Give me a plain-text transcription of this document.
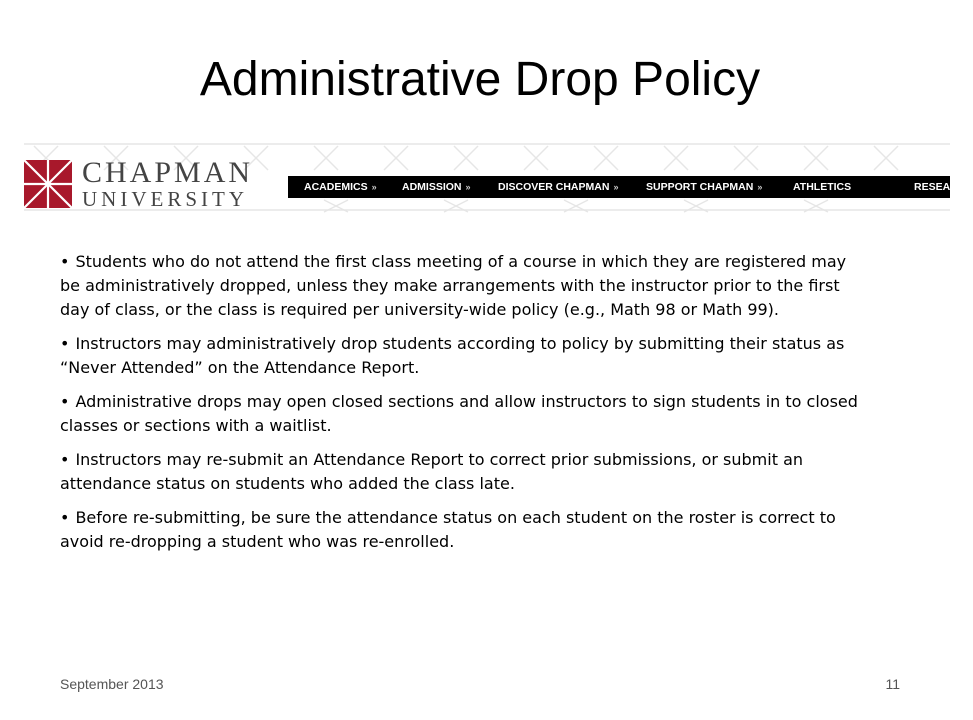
Administrative Drop Policy
CHAPMAN
UNIVERSITY	ACADEMICS » ADMISSION »	DISCOVER CHAPMAN »	SUPPORT CHAPMAN »	ATHLETICS	RESEARCH
• Students who do not attend the first class meeting of a course in which they are registered may be administratively dropped, unless they make arrangements with the instructor prior to the first day of class, or the class is required per university-wide policy (e.g., Math 98 or Math 99).
• Instructors may administratively drop students according to policy by submitting their status as “Never Attended” on the Attendance Report.
• Administrative drops may open closed sections and allow instructors to sign students in to closed classes or sections with a waitlist.
• Instructors may re-submit an Attendance Report to correct prior submissions, or submit an attendance status on students who added the class late.
• Before re-submitting, be sure the attendance status on each student on the roster is correct to avoid re-dropping a student who was re-enrolled.
September 2013	11
